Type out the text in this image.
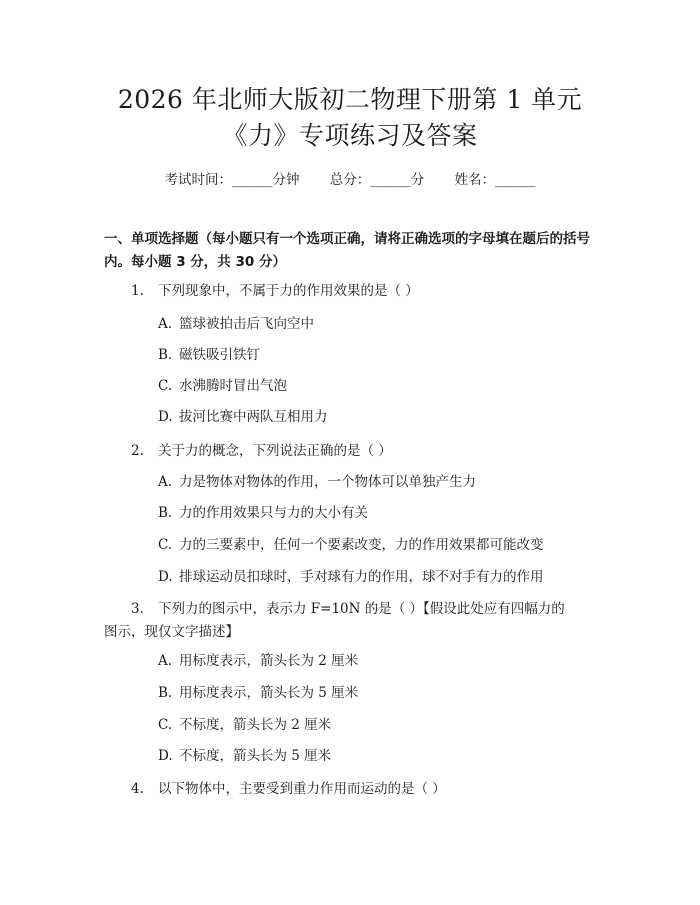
2026 年北师大版初二物理下册第 1 单元
《力》专项练习及答案
考试时间：______分钟 总分：______分 姓名：______
一、单项选择题（每小题只有一个选项正确，请将正确选项的字母填在题后的括号内。每小题 3 分，共 30 分）
1. 下列现象中，不属于力的作用效果的是（ ）
A. 篮球被拍击后飞向空中
B. 磁铁吸引铁钉
C. 水沸腾时冒出气泡
D. 拔河比赛中两队互相用力
2. 关于力的概念，下列说法正确的是（ ）
A. 力是物体对物体的作用，一个物体可以单独产生力
B. 力的作用效果只与力的大小有关
C. 力的三要素中，任何一个要素改变，力的作用效果都可能改变
D. 排球运动员扣球时，手对球有力的作用，球不对手有力的作用
3. 下列力的图示中，表示力 F=10N 的是（ ）【假设此处应有四幅力的图示，现仅文字描述】
A. 用标度表示，箭头长为 2 厘米
B. 用标度表示，箭头长为 5 厘米
C. 不标度，箭头长为 2 厘米
D. 不标度，箭头长为 5 厘米
4. 以下物体中，主要受到重力作用而运动的是（ ）
